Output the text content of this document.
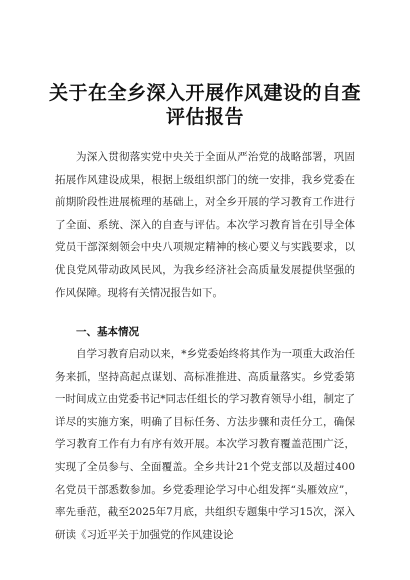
关于在全乡深入开展作风建设的自查
评估报告

为深入贯彻落实党中央关于全面从严治党的战略部署，巩固拓展作风建设成果，根据上级组织部门的统一安排，我乡党委在前期阶段性进展梳理的基础上，对全乡开展的学习教育工作进行了全面、系统、深入的自查与评估。本次学习教育旨在引导全体党员干部深刻领会中央八项规定精神的核心要义与实践要求，以优良党风带动政风民风，为我乡经济社会高质量发展提供坚强的作风保障。现将有关情况报告如下。

一、基本情况

自学习教育启动以来，*乡党委始终将其作为一项重大政治任务来抓，坚持高起点谋划、高标准推进、高质量落实。乡党委第一时间成立由党委书记*同志任组长的学习教育领导小组，制定了详尽的实施方案，明确了目标任务、方法步骤和责任分工，确保学习教育工作有力有序有效开展。本次学习教育覆盖范围广泛，实现了全员参与、全面覆盖。全乡共计21个党支部以及超过400名党员干部悉数参加。乡党委理论学习中心组发挥“头雁效应”，率先垂范，截至2025年7月底，共组织专题集中学习15次，深入研读《习近平关于加强党的作风建设论
